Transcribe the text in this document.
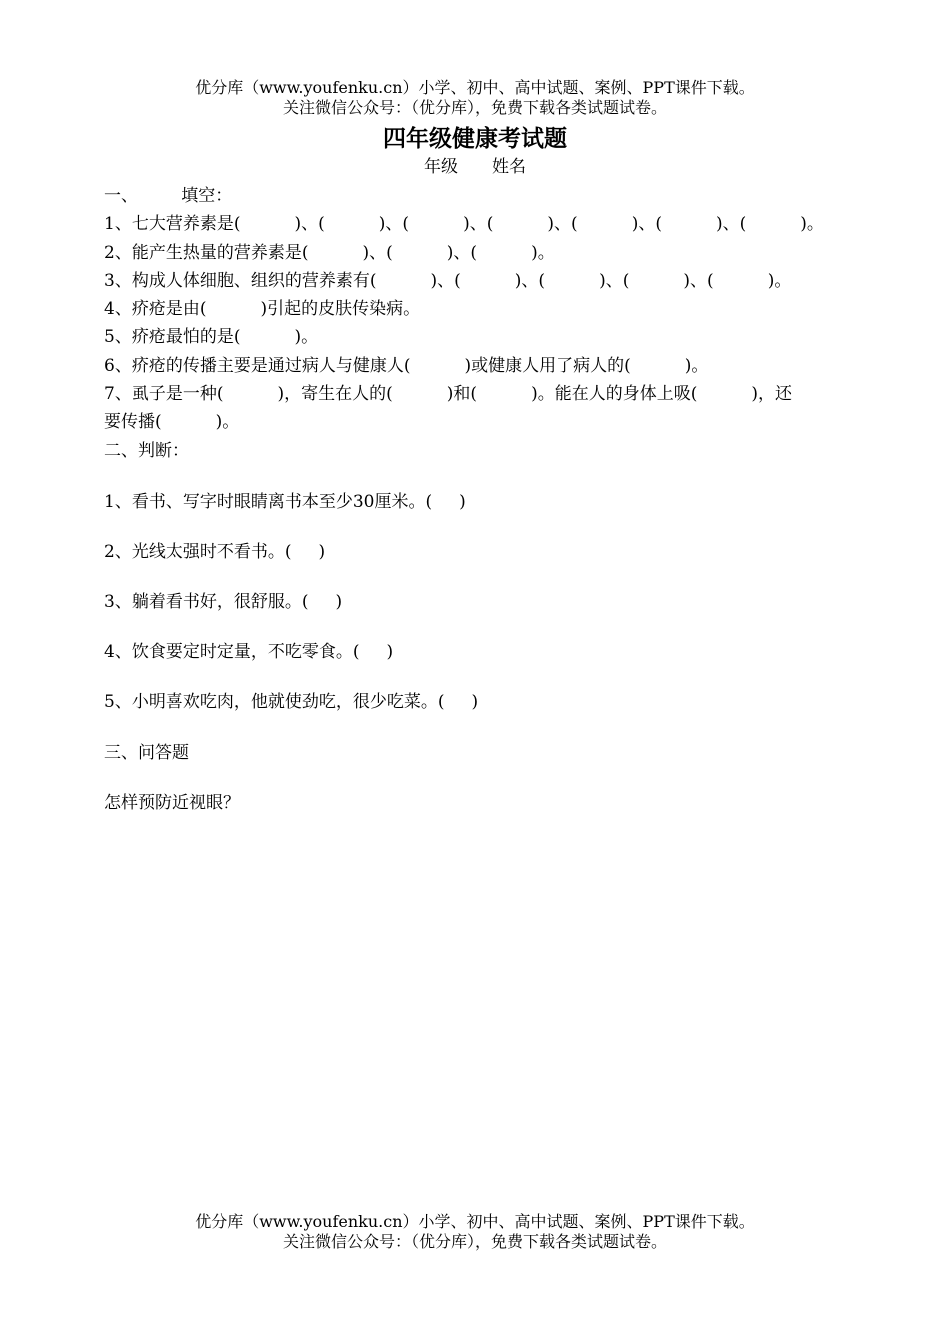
优分库（www.youfenku.cn）小学、初中、高中试题、案例、PPT课件下载。
关注微信公众号：（优分库），免费下载各类试题试卷。
四年级健康考试题
年级 姓名
一、        填空：
1、七大营养素是(          )、(          )、(          )、(          )、(          )、(          )、(          )。
2、能产生热量的营养素是(          )、(          )、(          )。
3、构成人体细胞、组织的营养素有(          )、(          )、(          )、(          )、(          )。
4、疥疮是由(          )引起的皮肤传染病。
5、疥疮最怕的是(          )。
6、疥疮的传播主要是通过病人与健康人(          )或健康人用了病人的(          )。
7、虱子是一种(          )，寄生在人的(          )和(          )。能在人的身体上吸(          )，还
要传播(          )。
二、判断：
1、看书、写字时眼睛离书本至少30厘米。(     )
2、光线太强时不看书。(     )
3、躺着看书好，很舒服。(     )
4、饮食要定时定量，不吃零食。(     )
5、小明喜欢吃肉，他就使劲吃，很少吃菜。(     )
三、问答题
怎样预防近视眼？
优分库（www.youfenku.cn）小学、初中、高中试题、案例、PPT课件下载。
关注微信公众号：（优分库），免费下载各类试题试卷。
